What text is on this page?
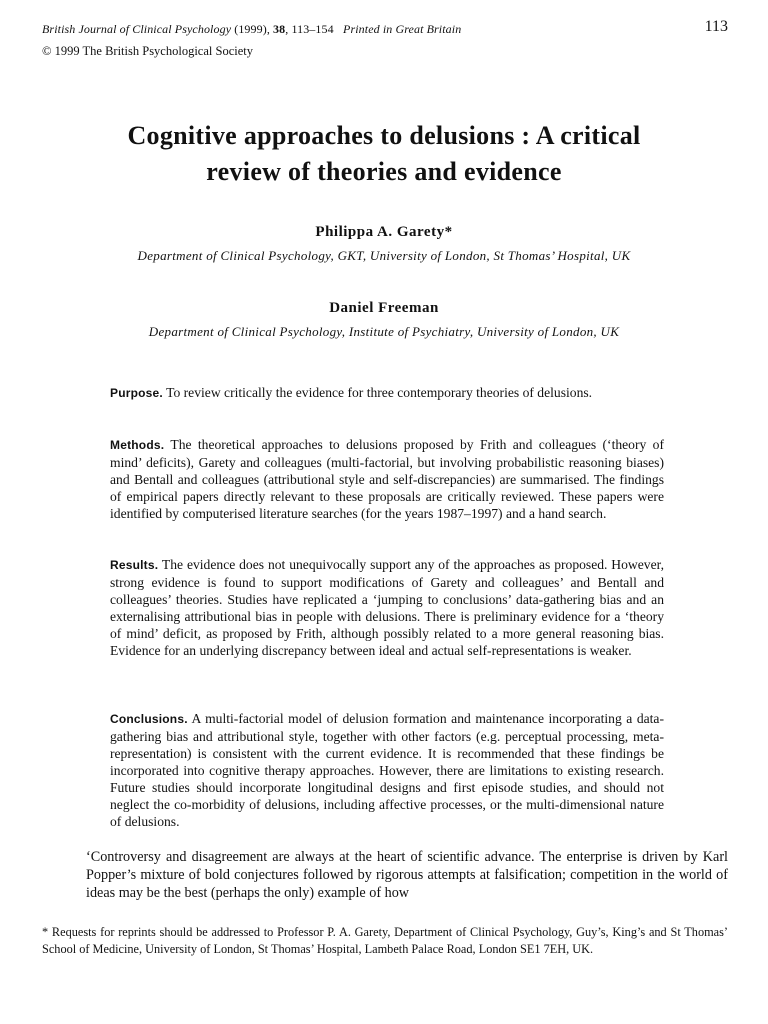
British Journal of Clinical Psychology (1999), 38, 113–154 Printed in Great Britain	113
© 1999 The British Psychological Society
Cognitive approaches to delusions : A critical
review of theories and evidence
Philippa A. Garety*
Department of Clinical Psychology, GKT, University of London, St Thomas’ Hospital, UK
Daniel Freeman
Department of Clinical Psychology, Institute of Psychiatry, University of London, UK

Purpose. To review critically the evidence for three contemporary theories of delusions.

Methods. The theoretical approaches to delusions proposed by Frith and colleagues (‘theory of mind’ deficits), Garety and colleagues (multi-factorial, but involving probabilistic reasoning biases) and Bentall and colleagues (attributional style and self-discrepancies) are summarised. The findings of empirical papers directly relevant to these proposals are critically reviewed. These papers were identified by computerised literature searches (for the years 1987–1997) and a hand search.

Results. The evidence does not unequivocally support any of the approaches as proposed. However, strong evidence is found to support modifications of Garety and colleagues’ and Bentall and colleagues’ theories. Studies have replicated a ‘jumping to conclusions’ data-gathering bias and an externalising attributional bias in people with delusions. There is preliminary evidence for a ‘theory of mind’ deficit, as proposed by Frith, although possibly related to a more general reasoning bias. Evidence for an underlying discrepancy between ideal and actual self-representations is weaker.

Conclusions. A multi-factorial model of delusion formation and maintenance incorporating a data-gathering bias and attributional style, together with other factors (e.g. perceptual processing, meta-representation) is consistent with the current evidence. It is recommended that these findings be incorporated into cognitive therapy approaches. However, there are limitations to existing research. Future studies should incorporate longitudinal designs and first episode studies, and should not neglect the co-morbidity of delusions, including affective processes, or the multi-dimensional nature of delusions.

‘Controversy and disagreement are always at the heart of scientific advance. The enterprise is driven by Karl Popper’s mixture of bold conjectures followed by rigorous attempts at falsification; competition in the world of ideas may be the best (perhaps the only) example of how

* Requests for reprints should be addressed to Professor P. A. Garety, Department of Clinical Psychology, Guy’s, King’s and St Thomas’ School of Medicine, University of London, St Thomas’ Hospital, Lambeth Palace Road, London SE1 7EH, UK.
